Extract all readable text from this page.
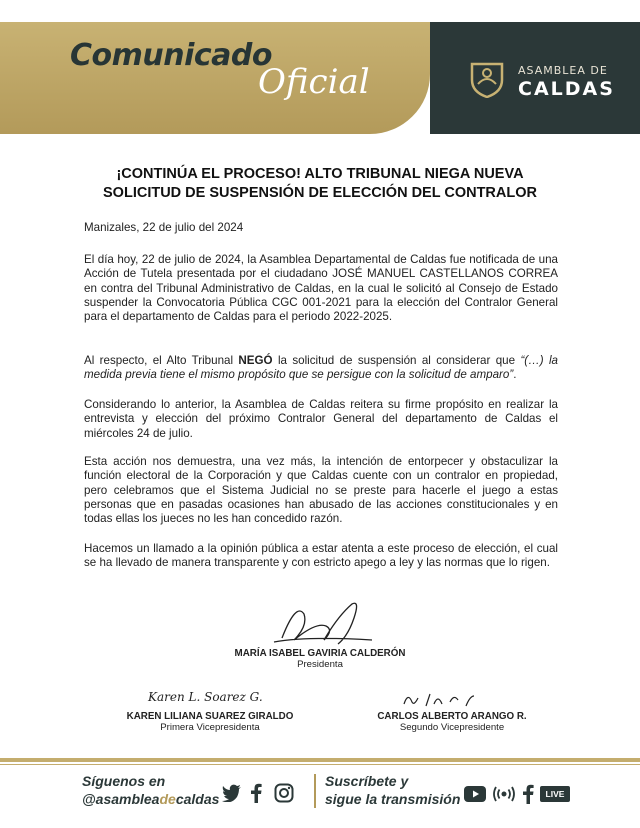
Comunicado
Oficial	ASAMBLEA DE
CALDAS
¡CONTINÚA EL PROCESO! ALTO TRIBUNAL NIEGA NUEVA
SOLICITUD DE SUSPENSIÓN DE ELECCIÓN DEL CONTRALOR
Manizales, 22 de julio del 2024
El día hoy, 22 de julio de 2024, la Asamblea Departamental de Caldas fue notificada de una Acción de Tutela presentada por el ciudadano JOSÉ MANUEL CASTELLANOS CORREA en contra del Tribunal Administrativo de Caldas, en la cual le solicitó al Consejo de Estado suspender la Convocatoria Pública CGC 001-2021 para la elección del Contralor General para el departamento de Caldas para el periodo 2022-2025.
Al respecto, el Alto Tribunal NEGÓ la solicitud de suspensión al considerar que “(…) la medida previa tiene el mismo propósito que se persigue con la solicitud de amparo”.
Considerando lo anterior, la Asamblea de Caldas reitera su firme propósito en realizar la entrevista y elección del próximo Contralor General del departamento de Caldas el miércoles 24 de julio.
Esta acción nos demuestra, una vez más, la intención de entorpecer y obstaculizar la función electoral de la Corporación y que Caldas cuente con un contralor en propiedad, pero celebramos que el Sistema Judicial no se preste para hacerle el juego a estas personas que en pasadas ocasiones han abusado de las acciones constitucionales y en todas ellas los jueces no les han concedido razón.
Hacemos un llamado a la opinión pública a estar atenta a este proceso de elección, el cual se ha llevado de manera transparente y con estricto apego a ley y las normas que lo rigen.
MARÍA ISABEL GAVIRIA CALDERÓN
Presidenta
Karen L. Soarez G.
KAREN LILIANA SUAREZ GIRALDO
Primera Vicepresidenta
CARLOS ALBERTO ARANGO R.
Segundo Vicepresidente
Síguenos en
@asambleadecaldas
Suscríbete y
sigue la transmisión	LIVE
